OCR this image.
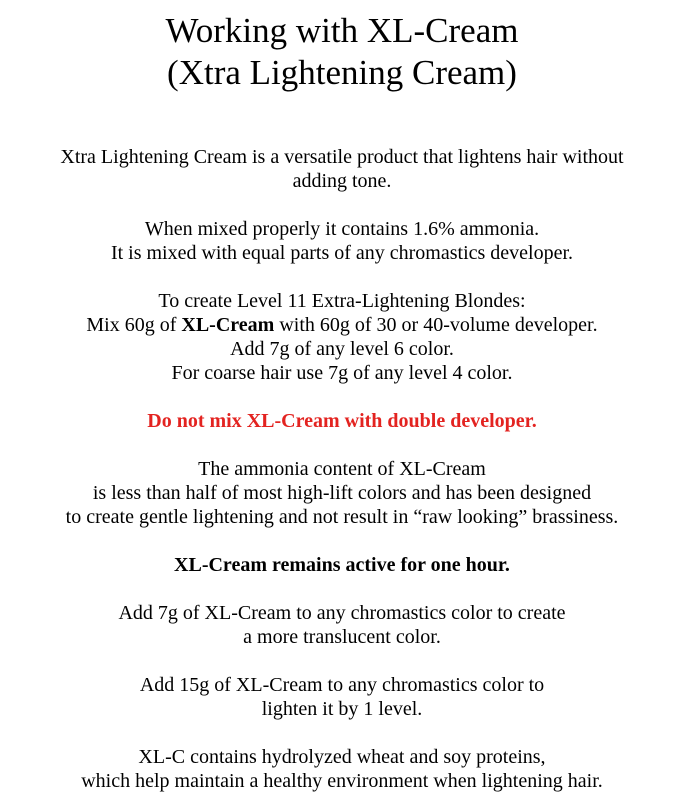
Working with XL-Cream
(Xtra Lightening Cream)

Xtra Lightening Cream is a versatile product that lightens hair without
adding tone.

When mixed properly it contains 1.6% ammonia.
It is mixed with equal parts of any chromastics developer.

To create Level 11 Extra-Lightening Blondes:
Mix 60g of XL-Cream with 60g of 30 or 40-volume developer.
Add 7g of any level 6 color.
For coarse hair use 7g of any level 4 color.

Do not mix XL-Cream with double developer.

The ammonia content of XL-Cream
is less than half of most high-lift colors and has been designed
to create gentle lightening and not result in “raw looking” brassiness.

XL-Cream remains active for one hour.

Add 7g of XL-Cream to any chromastics color to create
a more translucent color.

Add 15g of XL-Cream to any chromastics color to
lighten it by 1 level.

XL-C contains hydrolyzed wheat and soy proteins,
which help maintain a healthy environment when lightening hair.
